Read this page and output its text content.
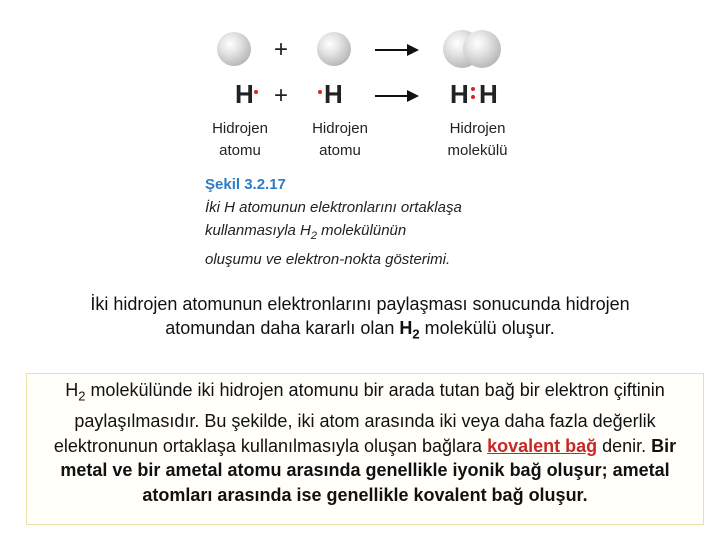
+
H + H	H H
Hidrojen
atomu
Hidrojen
atomu
Hidrojen
molekülü
Şekil 3.2.17
İki H atomunun elektronlarını ortaklaşa
kullanmasıyla $H_2$ molekülünün
oluşumu ve elektron-nokta gösterimi.
İki hidrojen atomunun elektronlarını paylaşması sonucunda hidrojen
atomundan daha kararlı olan $H_2$ molekülü oluşur.
$H_2$ molekülünde iki hidrojen atomunu bir arada tutan bağ bir elektron çiftinin paylaşılmasıdır. Bu şekilde, iki atom arasında iki veya daha fazla değerlik elektronunun ortaklaşa kullanılmasıyla oluşan bağlara kovalent bağ denir. Bir metal ve bir ametal atomu arasında genellikle iyonik bağ oluşur; ametal atomları arasında ise genellikle kovalent bağ oluşur.
